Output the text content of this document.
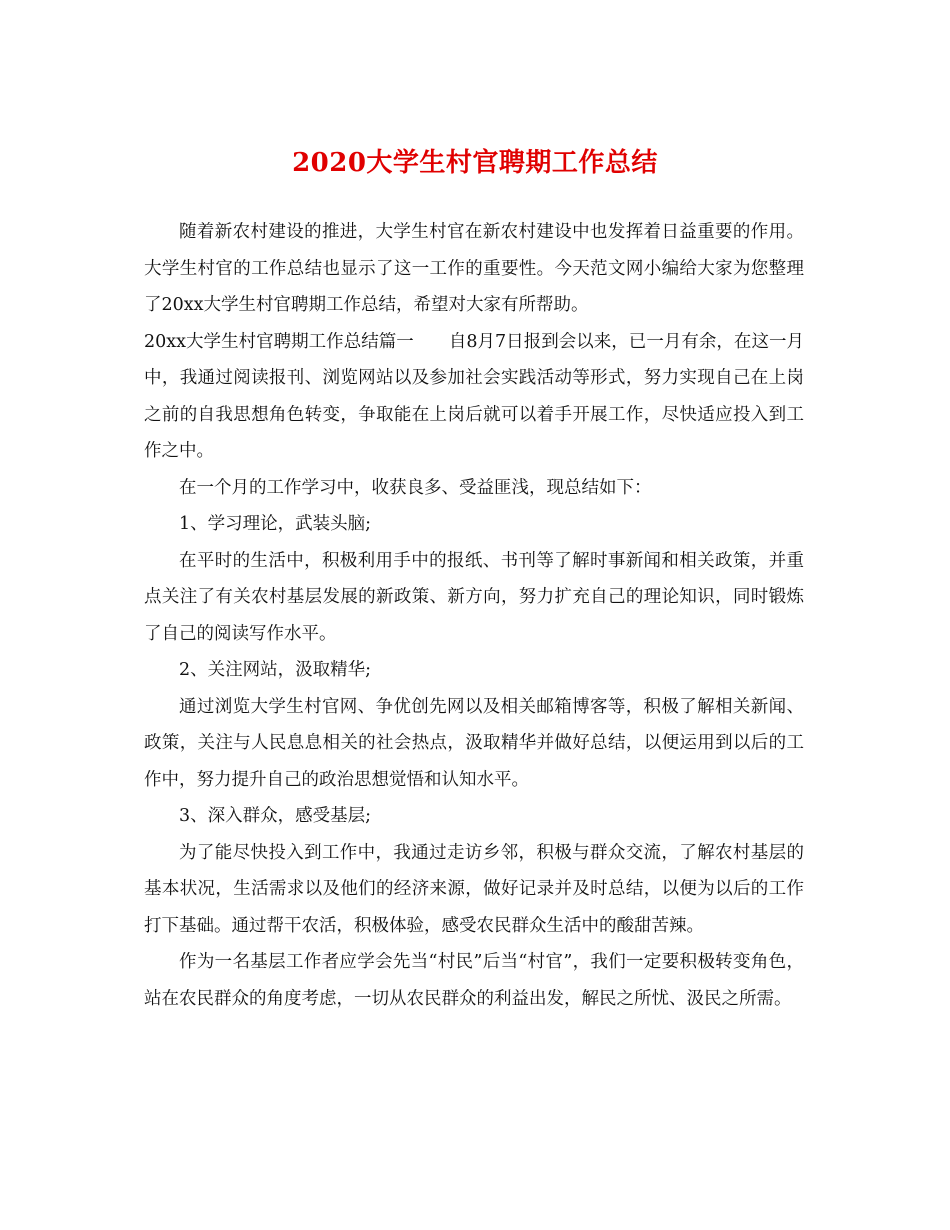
2020大学生村官聘期工作总结

随着新农村建设的推进，大学生村官在新农村建设中也发挥着日益重要的作用。大学生村官的工作总结也显示了这一工作的重要性。今天范文网小编给大家为您整理了20xx大学生村官聘期工作总结，希望对大家有所帮助。

20xx大学生村官聘期工作总结篇一　　自8月7日报到会以来，已一月有余，在这一月中，我通过阅读报刊、浏览网站以及参加社会实践活动等形式，努力实现自己在上岗之前的自我思想角色转变，争取能在上岗后就可以着手开展工作，尽快适应投入到工作之中。

在一个月的工作学习中，收获良多、受益匪浅，现总结如下：

1、学习理论，武装头脑;

在平时的生活中，积极利用手中的报纸、书刊等了解时事新闻和相关政策，并重点关注了有关农村基层发展的新政策、新方向，努力扩充自己的理论知识，同时锻炼了自己的阅读写作水平。

2、关注网站，汲取精华;

通过浏览大学生村官网、争优创先网以及相关邮箱博客等，积极了解相关新闻、政策，关注与人民息息相关的社会热点，汲取精华并做好总结，以便运用到以后的工作中，努力提升自己的政治思想觉悟和认知水平。

3、深入群众，感受基层;

为了能尽快投入到工作中，我通过走访乡邻，积极与群众交流，了解农村基层的基本状况，生活需求以及他们的经济来源，做好记录并及时总结，以便为以后的工作打下基础。通过帮干农活，积极体验，感受农民群众生活中的酸甜苦辣。

作为一名基层工作者应学会先当“村民”后当“村官”，我们一定要积极转变角色，站在农民群众的角度考虑，一切从农民群众的利益出发，解民之所忧、汲民之所需。
